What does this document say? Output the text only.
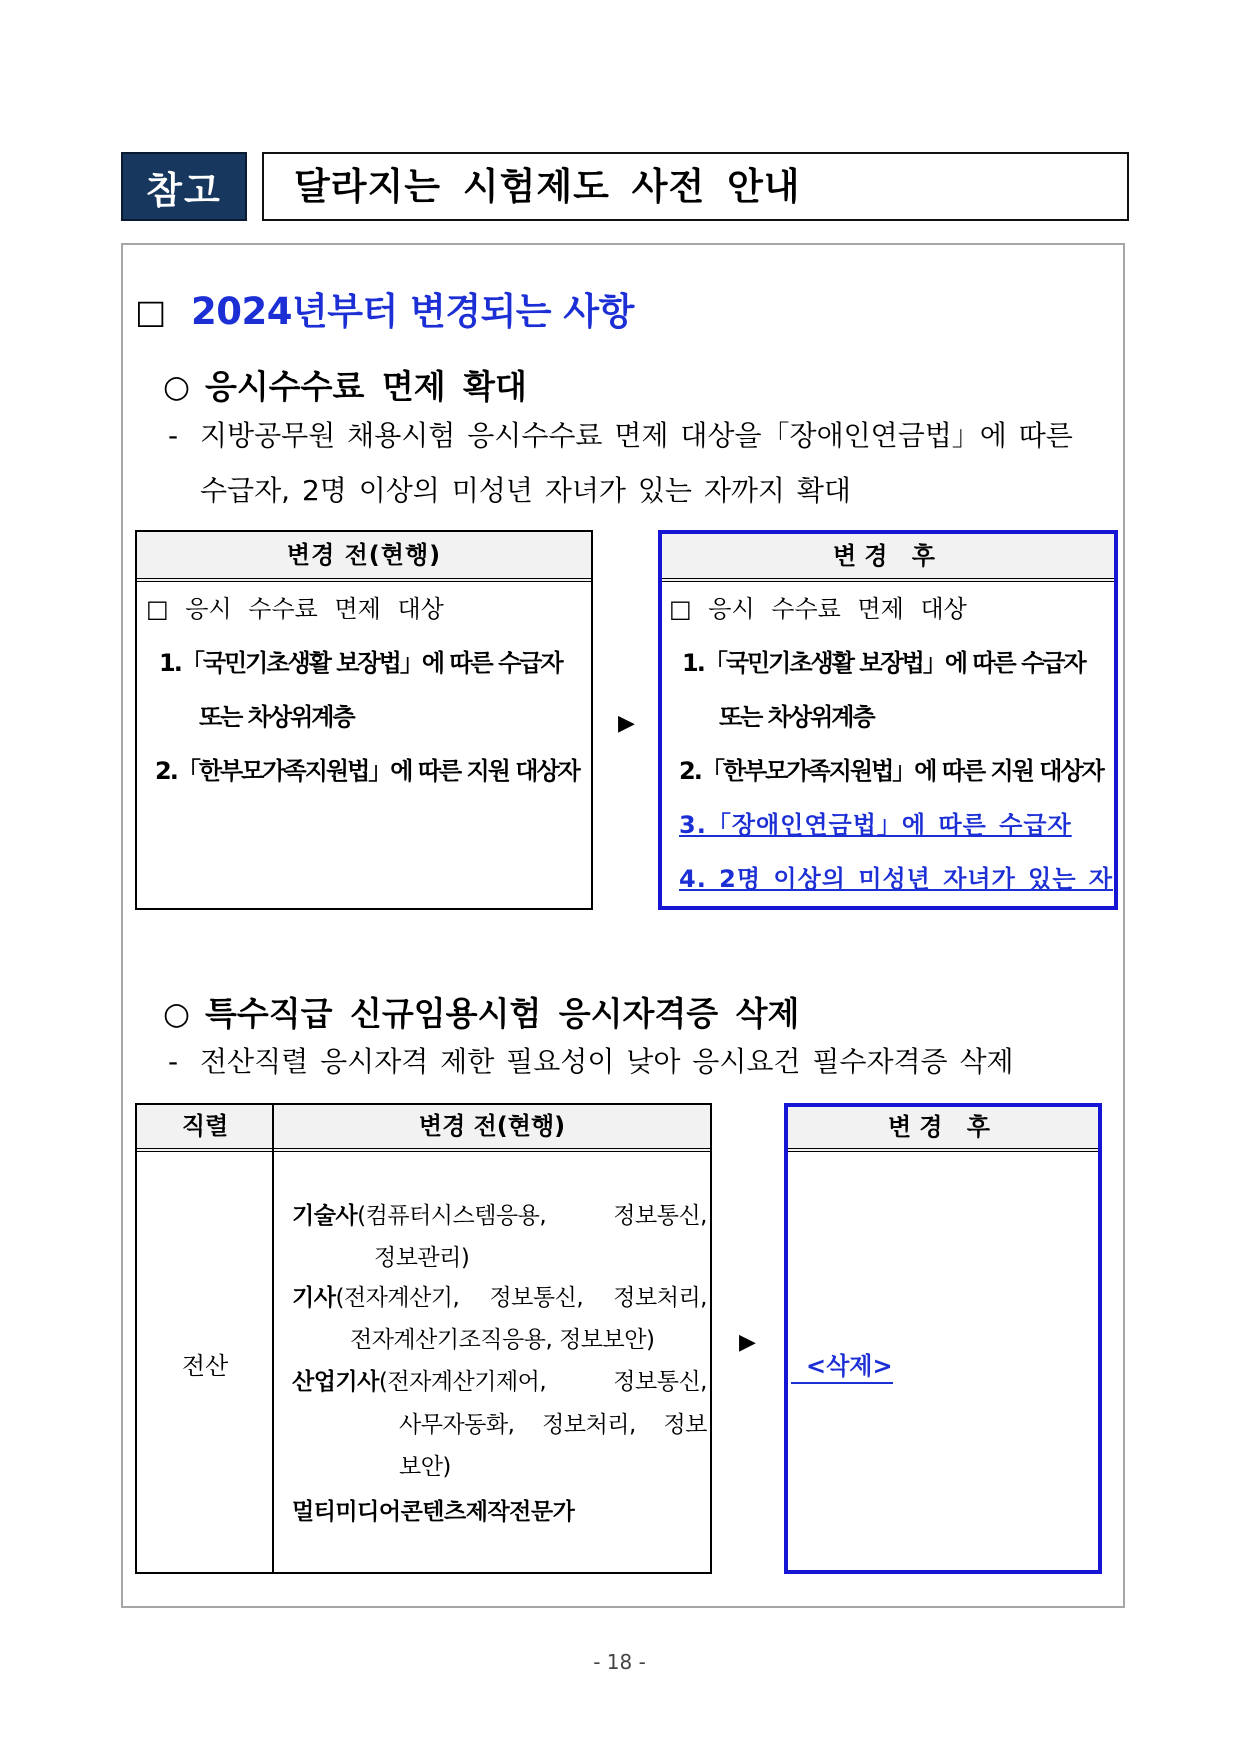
참고	달라지는 시험제도 사전 안내
□ 2024년부터 변경되는 사항
○ 응시수수료 면제 확대
- 지방공무원 채용시험 응시수수료 면제 대상을「장애인연금법」에 따른
수급자, 2명 이상의 미성년 자녀가 있는 자까지 확대
변경 전(현행)
□ 응시 수수료 면제 대상
1.「국민기초생활 보장법」에 따른 수급자
또는 차상위계층
2.「한부모가족지원법」에 따른 지원 대상자
▶
변경 후
□ 응시 수수료 면제 대상
1.「국민기초생활 보장법」에 따른 수급자
또는 차상위계층
2.「한부모가족지원법」에 따른 지원 대상자
3.「장애인연금법」에 따른 수급자
4. 2명 이상의 미성년 자녀가 있는 자
○ 특수직급 신규임용시험 응시자격증 삭제
- 전산직렬 응시자격 제한 필요성이 낮아 응시요건 필수자격증 삭제
직렬	변경 전(현행)
전산
기술사(컴퓨터시스템응용, 정보통신,
정보관리)
기사(전자계산기, 정보통신, 정보처리,
전자계산기조직응용, 정보보안)
산업기사(전자계산기제어, 정보통신,
사무자동화, 정보처리, 정보
보안)
멀티미디어콘텐츠제작전문가
▶
변경 후
<삭제>
- 18 -
